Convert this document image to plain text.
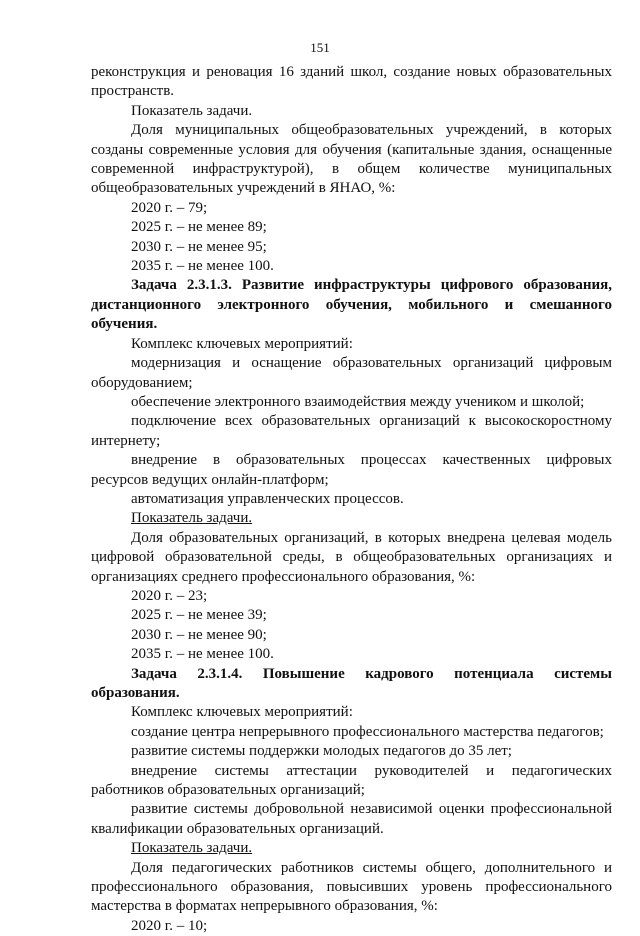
151

реконструкция и реновация 16 зданий школ, создание новых образовательных пространств.

Показатель задачи.

Доля муниципальных общеобразовательных учреждений, в которых созданы современные условия для обучения (капитальные здания, оснащенные современной инфраструктурой), в общем количестве муниципальных общеобразовательных учреждений в ЯНАО, %:

2020 г. – 79;

2025 г. – не менее 89;

2030 г. – не менее 95;

2035 г. – не менее 100.

Задача 2.3.1.3. Развитие инфраструктуры цифрового образования, дистанционного электронного обучения, мобильного и смешанного обучения.

Комплекс ключевых мероприятий:

модернизация и оснащение образовательных организаций цифровым оборудованием;

обеспечение электронного взаимодействия между учеником и школой;

подключение всех образовательных организаций к высокоскоростному интернету;

внедрение в образовательных процессах качественных цифровых ресурсов ведущих онлайн-платформ;

автоматизация управленческих процессов.

Показатель задачи.

Доля образовательных организаций, в которых внедрена целевая модель цифровой образовательной среды, в общеобразовательных организациях и организациях среднего профессионального образования, %:

2020 г. – 23;

2025 г. – не менее 39;

2030 г. – не менее 90;

2035 г. – не менее 100.

Задача 2.3.1.4. Повышение кадрового потенциала системы образования.

Комплекс ключевых мероприятий:

создание центра непрерывного профессионального мастерства педагогов;

развитие системы поддержки молодых педагогов до 35 лет;

внедрение системы аттестации руководителей и педагогических работников образовательных организаций;

развитие системы добровольной независимой оценки профессиональной квалификации образовательных организаций.

Показатель задачи.

Доля педагогических работников системы общего, дополнительного и профессионального образования, повысивших уровень профессионального мастерства в форматах непрерывного образования, %:

2020 г. – 10;
